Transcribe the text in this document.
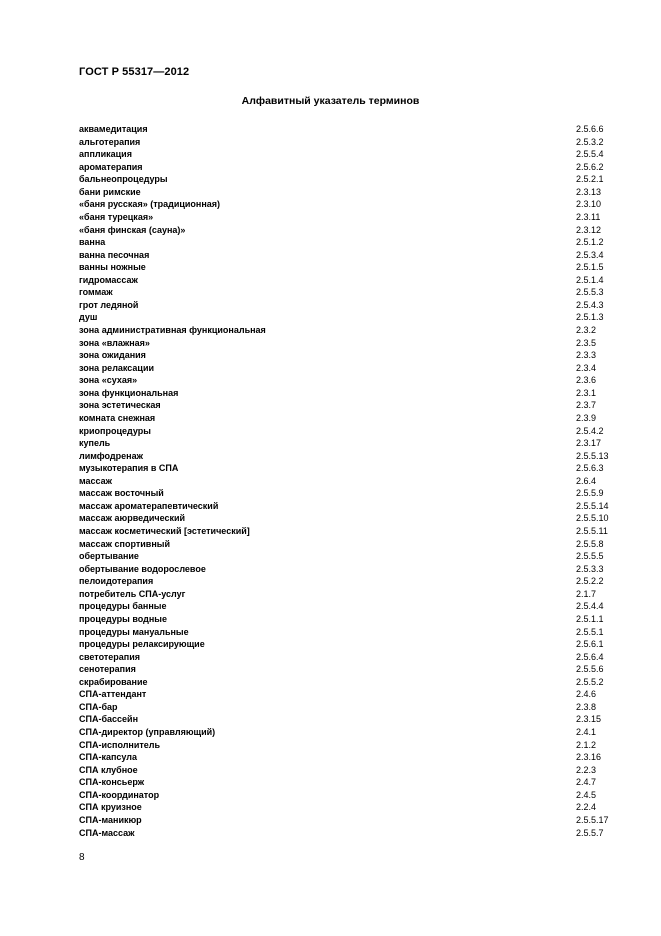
ГОСТ Р 55317—2012
Алфавитный указатель терминов
аквамедитация	2.5.6.6
альготерапия	2.5.3.2
аппликация	2.5.5.4
ароматерапия	2.5.6.2
бальнеопроцедуры	2.5.2.1
бани римские	2.3.13
«баня русская» (традиционная)	2.3.10
«баня турецкая»	2.3.11
«баня финская (сауна)»	2.3.12
ванна	2.5.1.2
ванна песочная	2.5.3.4
ванны ножные	2.5.1.5
гидромассаж	2.5.1.4
гоммаж	2.5.5.3
грот ледяной	2.5.4.3
душ	2.5.1.3
зона административная функциональная	2.3.2
зона «влажная»	2.3.5
зона ожидания	2.3.3
зона релаксации	2.3.4
зона «сухая»	2.3.6
зона функциональная	2.3.1
зона эстетическая	2.3.7
комната снежная	2.3.9
криопроцедуры	2.5.4.2
купель	2.3.17
лимфодренаж	2.5.5.13
музыкотерапия в СПА	2.5.6.3
массаж	2.6.4
массаж восточный	2.5.5.9
массаж ароматерапевтический	2.5.5.14
массаж аюрведический	2.5.5.10
массаж косметический [эстетический]	2.5.5.11
массаж спортивный	2.5.5.8
обертывание	2.5.5.5
обертывание водорослевое	2.5.3.3
пелоидотерапия	2.5.2.2
потребитель СПА-услуг	2.1.7
процедуры банные	2.5.4.4
процедуры водные	2.5.1.1
процедуры мануальные	2.5.5.1
процедуры релаксирующие	2.5.6.1
светотерапия	2.5.6.4
сенотерапия	2.5.5.6
скрабирование	2.5.5.2
СПА-аттендант	2.4.6
СПА-бар	2.3.8
СПА-бассейн	2.3.15
СПА-директор (управляющий)	2.4.1
СПА-исполнитель	2.1.2
СПА-капсула	2.3.16
СПА клубное	2.2.3
СПА-консьерж	2.4.7
СПА-координатор	2.4.5
СПА круизное	2.2.4
СПА-маникюр	2.5.5.17
СПА-массаж	2.5.5.7
8
